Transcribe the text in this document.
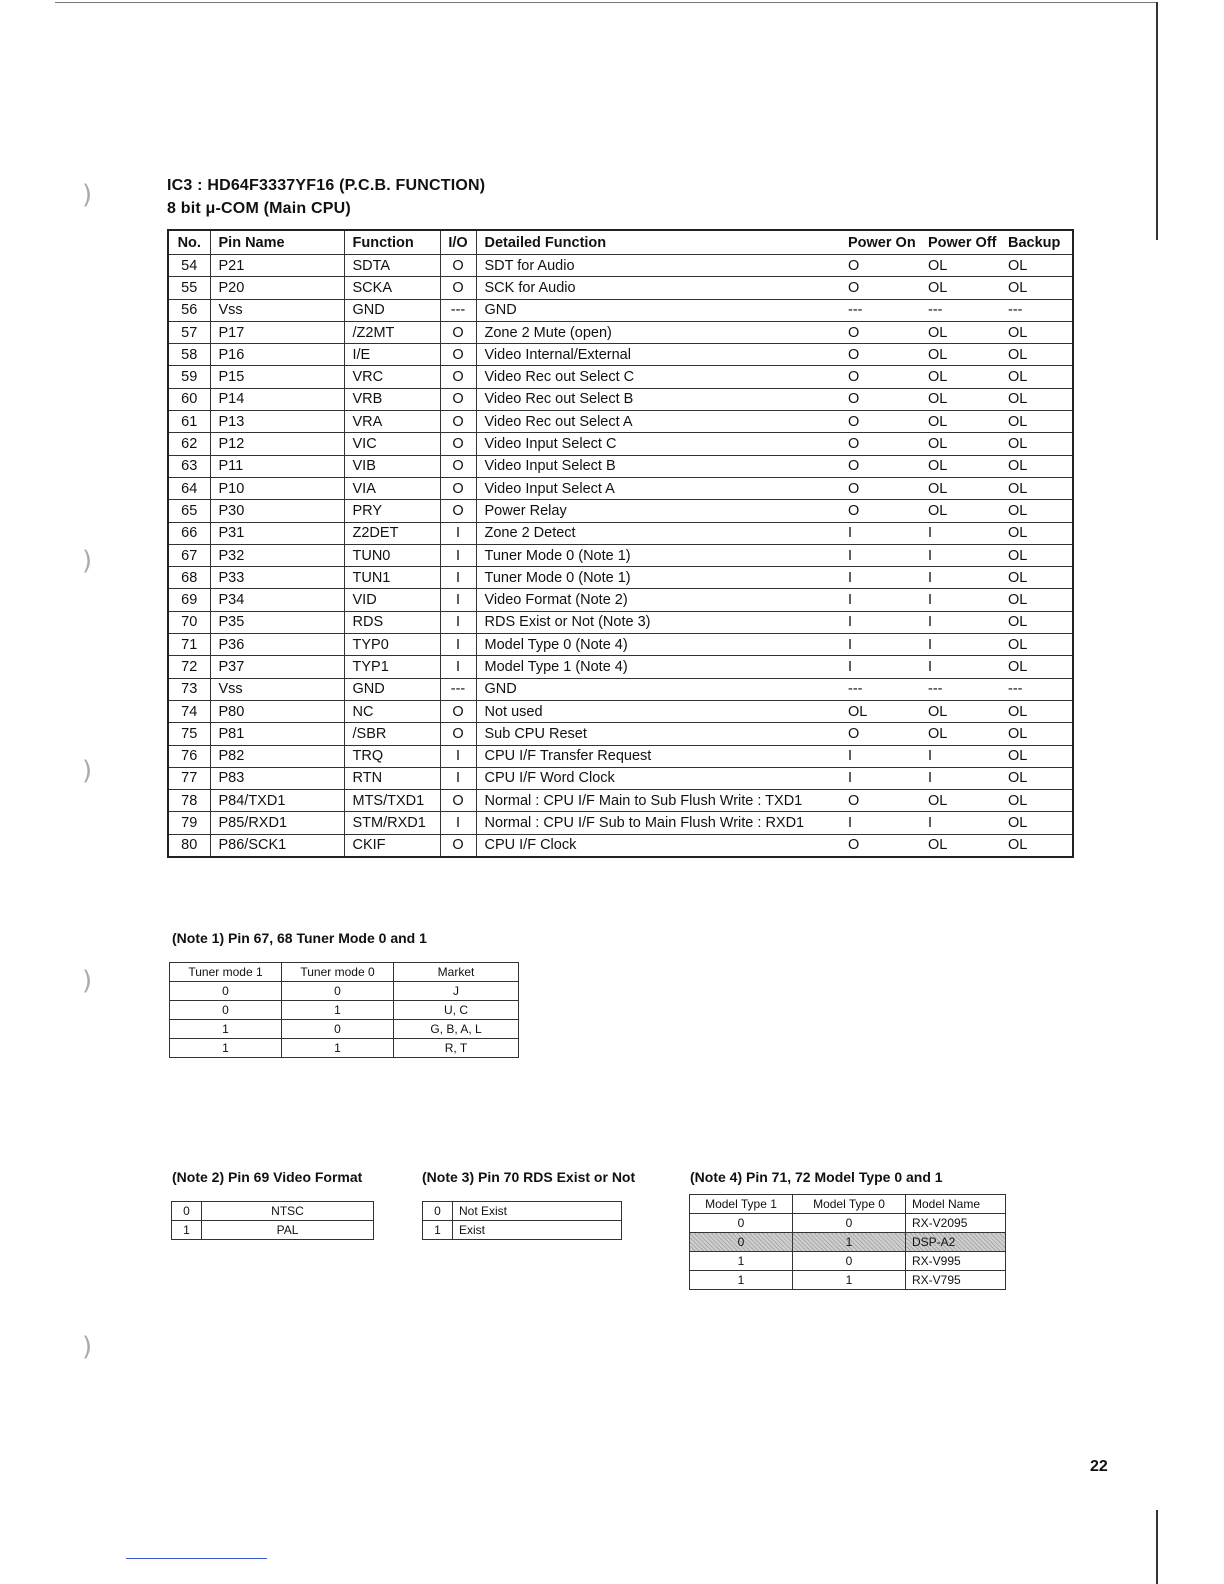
)
)
)
)
)
IC3 : HD64F3337YF16 (P.C.B. FUNCTION)
8 bit μ-COM (Main CPU)
No.	Pin Name	Function	I/O	Detailed Function	Power On	Power Off	Backup
54	P21	SDTA	O	SDT for Audio	O	OL	OL
55	P20	SCKA	O	SCK for Audio	O	OL	OL
56	Vss	GND	---	GND	---	---	---
57	P17	/Z2MT	O	Zone 2 Mute (open)	O	OL	OL
58	P16	I/E	O	Video Internal/External	O	OL	OL
59	P15	VRC	O	Video Rec out Select C	O	OL	OL
60	P14	VRB	O	Video Rec out Select B	O	OL	OL
61	P13	VRA	O	Video Rec out Select A	O	OL	OL
62	P12	VIC	O	Video Input Select C	O	OL	OL
63	P11	VIB	O	Video Input Select B	O	OL	OL
64	P10	VIA	O	Video Input Select A	O	OL	OL
65	P30	PRY	O	Power Relay	O	OL	OL
66	P31	Z2DET	I	Zone 2 Detect	I	I	OL
67	P32	TUN0	I	Tuner Mode 0 (Note 1)	I	I	OL
68	P33	TUN1	I	Tuner Mode 0 (Note 1)	I	I	OL
69	P34	VID	I	Video Format (Note 2)	I	I	OL
70	P35	RDS	I	RDS Exist or Not (Note 3)	I	I	OL
71	P36	TYP0	I	Model Type 0 (Note 4)	I	I	OL
72	P37	TYP1	I	Model Type 1 (Note 4)	I	I	OL
73	Vss	GND	---	GND	---	---	---
74	P80	NC	O	Not used	OL	OL	OL
75	P81	/SBR	O	Sub CPU Reset	O	OL	OL
76	P82	TRQ	I	CPU I/F Transfer Request	I	I	OL
77	P83	RTN	I	CPU I/F Word Clock	I	I	OL
78	P84/TXD1	MTS/TXD1	O	Normal : CPU I/F Main to Sub Flush Write : TXD1	O	OL	OL
79	P85/RXD1	STM/RXD1	I	Normal : CPU I/F Sub to Main Flush Write : RXD1	I	I	OL
80	P86/SCK1	CKIF	O	CPU I/F Clock	O	OL	OL
(Note 1) Pin 67, 68 Tuner Mode 0 and 1
Tuner mode 1	Tuner mode 0	Market
0	0	J
0	1	U, C
1	0	G, B, A, L
1	1	R, T
(Note 2) Pin 69 Video Format
0	NTSC
1	PAL
(Note 3) Pin 70 RDS Exist or Not
0	Not Exist
1	Exist
(Note 4) Pin 71, 72 Model Type 0 and 1
Model Type 1	Model Type 0	Model Name
0	0	RX-V2095
0	1	DSP-A2
1	0	RX-V995
1	1	RX-V795
22
